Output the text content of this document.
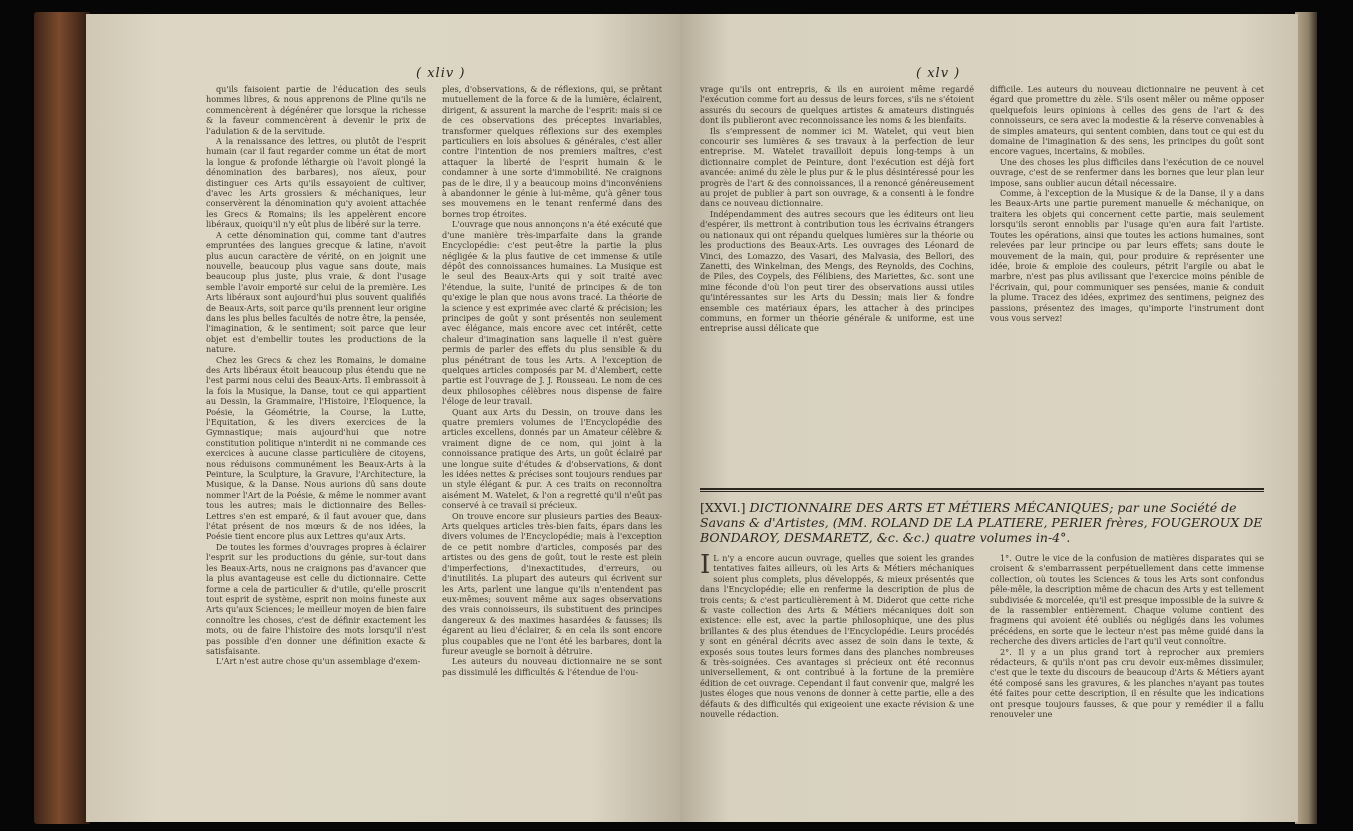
( xliv )

qu'ils faisoient partie de l'éducation des seuls hommes libres, & nous apprenons de Pline qu'ils ne commencèrent à dégénérer que lorsque la richesse & la faveur commencèrent à devenir le prix de l'adulation & de la servitude.

A la renaissance des lettres, ou plutôt de l'esprit humain (car il faut regarder comme un état de mort la longue & profonde léthargie où l'avoit plongé la dénomination des barbares), nos aïeux, pour distinguer ces Arts qu'ils essayoient de cultiver, d'avec les Arts grossiers & méchaniques, leur conservèrent la dénomination qu'y avoient attachée les Grecs & Romains; ils les appelèrent encore libéraux, quoiqu'il n'y eût plus de libéré sur la terre.

A cette dénomination qui, comme tant d'autres empruntées des langues grecque & latine, n'avoit plus aucun caractère de vérité, on en joignit une nouvelle, beaucoup plus vague sans doute, mais beaucoup plus juste, plus vraie, & dont l'usage semble l'avoir emporté sur celui de la première. Les Arts libéraux sont aujourd'hui plus souvent qualifiés de Beaux-Arts, soit parce qu'ils prennent leur origine dans les plus belles facultés de notre être, la pensée, l'imagination, & le sentiment; soit parce que leur objet est d'embellir toutes les productions de la nature.

Chez les Grecs & chez les Romains, le domaine des Arts libéraux étoit beaucoup plus étendu que ne l'est parmi nous celui des Beaux-Arts. Il embrassoit à la fois la Musique, la Danse, tout ce qui appartient au Dessin, la Grammaire, l'Histoire, l'Eloquence, la Poésie, la Géométrie, la Course, la Lutte, l'Equitation, & les divers exercices de la Gymnastique; mais aujourd'hui que notre constitution politique n'interdit ni ne commande ces exercices à aucune classe particulière de citoyens, nous réduisons communément les Beaux-Arts à la Peinture, la Sculpture, la Gravure, l'Architecture, la Musique, & la Danse. Nous aurions dû sans doute nommer l'Art de la Poésie, & même le nommer avant tous les autres; mais le dictionnaire des Belles-Lettres s'en est emparé, & il faut avouer que, dans l'état présent de nos mœurs & de nos idées, la Poésie tient encore plus aux Lettres qu'aux Arts.

De toutes les formes d'ouvrages propres à éclairer l'esprit sur les productions du génie, sur-tout dans les Beaux-Arts, nous ne craignons pas d'avancer que la plus avantageuse est celle du dictionnaire. Cette forme a cela de particulier & d'utile, qu'elle proscrit tout esprit de système, esprit non moins funeste aux Arts qu'aux Sciences; le meilleur moyen de bien faire connoître les choses, c'est de définir exactement les mots, ou de faire l'histoire des mots lorsqu'il n'est pas possible d'en donner une définition exacte & satisfaisante.

L'Art n'est autre chose qu'un assemblage d'exem-

ples, d'observations, & de réflexions, qui, se prêtant mutuellement de la force & de la lumière, éclairent, dirigent, & assurent la marche de l'esprit: mais si ce de ces observations des préceptes invariables, transformer quelques réflexions sur des exemples particuliers en lois absolues & générales, c'est aller contre l'intention de nos premiers maîtres, c'est attaquer la liberté de l'esprit humain & le condamner à une sorte d'immobilité. Ne craignons pas de le dire, il y a beaucoup moins d'inconvéniens à abandonner le génie à lui-même, qu'à gêner tous ses mouvemens en le tenant renfermé dans des bornes trop étroites.

L'ouvrage que nous annonçons n'a été exécuté que d'une manière très-imparfaite dans la grande Encyclopédie: c'est peut-être la partie la plus négligée & la plus fautive de cet immense & utile dépôt des connoissances humaines. La Musique est le seul des Beaux-Arts qui y soit traité avec l'étendue, la suite, l'unité de principes & de ton qu'exige le plan que nous avons tracé. La théorie de la science y est exprimée avec clarté & précision; les principes de goût y sont présentés non seulement avec élégance, mais encore avec cet intérêt, cette chaleur d'imagination sans laquelle il n'est guère permis de parler des effets du plus sensible & du plus pénétrant de tous les Arts. A l'exception de quelques articles composés par M. d'Alembert, cette partie est l'ouvrage de J. J. Rousseau. Le nom de ces deux philosophes célèbres nous dispense de faire l'éloge de leur travail.

Quant aux Arts du Dessin, on trouve dans les quatre premiers volumes de l'Encyclopédie des articles excellens, donnés par un Amateur célèbre & vraiment digne de ce nom, qui joint à la connoissance pratique des Arts, un goût éclairé par une longue suite d'études & d'observations, & dont les idées nettes & précises sont toujours rendues par un style élégant & pur. A ces traits on reconnoîtra aisément M. Watelet, & l'on a regretté qu'il n'eût pas conservé à ce travail si précieux.

On trouve encore sur plusieurs parties des Beaux-Arts quelques articles très-bien faits, épars dans les divers volumes de l'Encyclopédie; mais à l'exception de ce petit nombre d'articles, composés par des artistes ou des gens de goût, tout le reste est plein d'imperfections, d'inexactitudes, d'erreurs, ou d'inutilités. La plupart des auteurs qui écrivent sur les Arts, parlent une langue qu'ils n'entendent pas eux-mêmes; souvent même aux sages observations des vrais connoisseurs, ils substituent des principes dangereux & des maximes hasardées & fausses; ils égarent au lieu d'éclairer, & en cela ils sont encore plus coupables que ne l'ont été les barbares, dont la fureur aveugle se bornoit à détruire.

Les auteurs du nouveau dictionnaire ne se sont pas dissimulé les difficultés & l'étendue de l'ou-

( xlv )

vrage qu'ils ont entrepris, & ils en auroient même regardé l'exécution comme fort au dessus de leurs forces, s'ils ne s'étoient assurés du secours de quelques artistes & amateurs distingués dont ils publieront avec reconnoissance les noms & les bienfaits.

Ils s'empressent de nommer ici M. Watelet, qui veut bien concourir ses lumières & ses travaux à la perfection de leur entreprise. M. Watelet travailloit depuis long-temps à un dictionnaire complet de Peinture, dont l'exécution est déjà fort avancée: animé du zèle le plus pur & le plus désintéressé pour les progrès de l'art & des connoissances, il a renoncé généreusement au projet de publier à part son ouvrage, & a consenti à le fondre dans ce nouveau dictionnaire.

Indépendamment des autres secours que les éditeurs ont lieu d'espérer, ils mettront à contribution tous les écrivains étrangers ou nationaux qui ont répandu quelques lumières sur la théorie ou les productions des Beaux-Arts. Les ouvrages des Léonard de Vinci, des Lomazzo, des Vasari, des Malvasia, des Bellori, des Zanetti, des Winkelman, des Mengs, des Reynolds, des Cochins, de Piles, des Coypels, des Félibiens, des Mariettes, &c. sont une mine féconde d'où l'on peut tirer des observations aussi utiles qu'intéressantes sur les Arts du Dessin; mais lier & fondre ensemble ces matériaux épars, les attacher à des principes communs, en former un théorie générale & uniforme, est une entreprise aussi délicate que

difficile. Les auteurs du nouveau dictionnaire ne peuvent à cet égard que promettre du zèle. S'ils osent mêler ou même opposer quelquefois leurs opinions à celles des gens de l'art & des connoisseurs, ce sera avec la modestie & la réserve convenables à de simples amateurs, qui sentent combien, dans tout ce qui est du domaine de l'imagination & des sens, les principes du goût sont encore vagues, incertains, & mobiles.

Une des choses les plus difficiles dans l'exécution de ce nouvel ouvrage, c'est de se renfermer dans les bornes que leur plan leur impose, sans oublier aucun détail nécessaire.

Comme, à l'exception de la Musique & de la Danse, il y a dans les Beaux-Arts une partie purement manuelle & méchanique, on traitera les objets qui concernent cette partie, mais seulement lorsqu'ils seront ennoblis par l'usage qu'en aura fait l'artiste. Toutes les opérations, ainsi que toutes les actions humaines, sont relevées par leur principe ou par leurs effets; sans doute le mouvement de la main, qui, pour produire & représenter une idée, broie & emploie des couleurs, pétrit l'argile ou abat le marbre, n'est pas plus avilissant que l'exercice moins pénible de l'écrivain, qui, pour communiquer ses pensées, manie & conduit la plume. Tracez des idées, exprimez des sentimens, peignez des passions, présentez des images, qu'importe l'instrument dont vous vous servez!

[XXVI.] DICTIONNAIRE DES ARTS ET MÉTIERS MÉCANIQUES; par une Société de Savans & d'Artistes, (MM. ROLAND DE LA PLATIERE, PERIER frères, FOUGEROUX DE BONDAROY, DESMARETZ, &c. &c.) quatre volumes in-4°.

I L n'y a encore aucun ouvrage, quelles que soient les grandes tentatives faites ailleurs, où les Arts & Métiers méchaniques soient plus complets, plus développés, & mieux présentés que dans l'Encyclopédie; elle en renferme la description de plus de trois cents; & c'est particulièrement à M. Diderot que cette riche & vaste collection des Arts & Métiers mécaniques doit son existence: elle est, avec la partie philosophique, une des plus brillantes & des plus étendues de l'Encyclopédie. Leurs procédés y sont en général décrits avec assez de soin dans le texte, & exposés sous toutes leurs formes dans des planches nombreuses & très-soignées. Ces avantages si précieux ont été reconnus universellement, & ont contribué à la fortune de la première édition de cet ouvrage. Cependant il faut convenir que, malgré les justes éloges que nous venons de donner à cette partie, elle a des défauts & des difficultés qui exigeoient une exacte révision & une nouvelle rédaction.

1°. Outre le vice de la confusion de matières disparates qui se croisent & s'embarrassent perpétuellement dans cette immense collection, où toutes les Sciences & tous les Arts sont confondus pêle-mêle, la description même de chacun des Arts y est tellement subdivisée & morcelée, qu'il est presque impossible de la suivre & de la rassembler entièrement. Chaque volume contient des fragmens qui avoient été oubliés ou négligés dans les volumes précédens, en sorte que le lecteur n'est pas même guidé dans la recherche des divers articles de l'art qu'il veut connoître.

2°. Il y a un plus grand tort à reprocher aux premiers rédacteurs, & qu'ils n'ont pas cru devoir eux-mêmes dissimuler, c'est que le texte du discours de beaucoup d'Arts & Métiers ayant été composé sans les gravures, & les planches n'ayant pas toutes été faites pour cette description, il en résulte que les indications ont presque toujours fausses, & que pour y remédier il a fallu renouveler une
